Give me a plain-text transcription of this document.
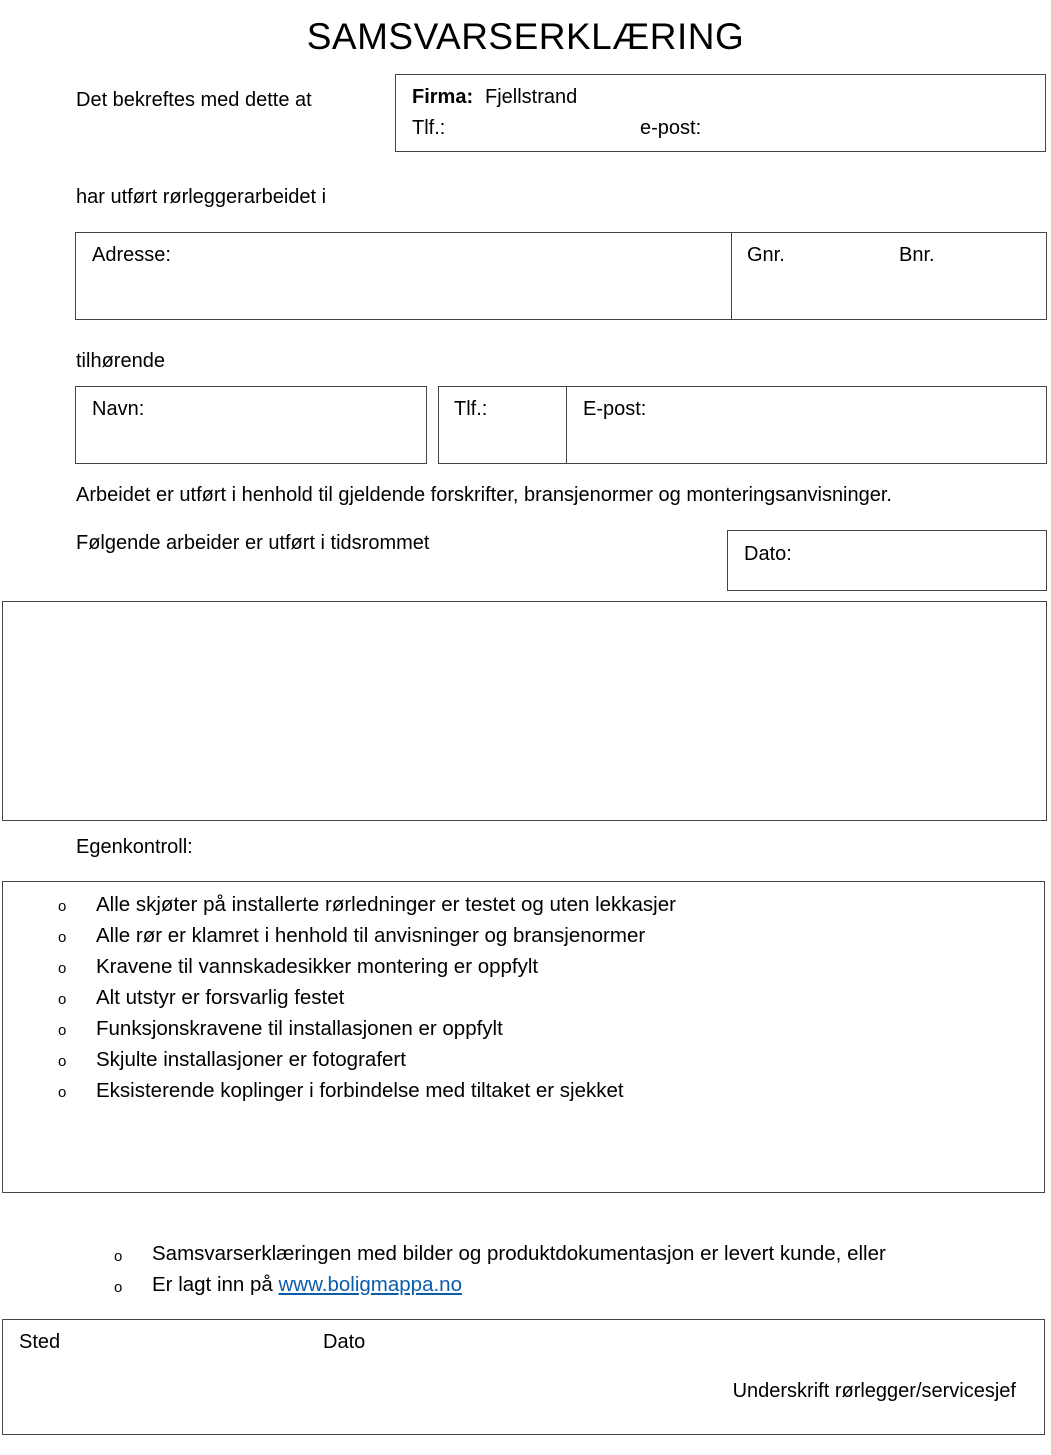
SAMSVARSERKLÆRING
Det bekreftes med dette at	Firma: Fjellstrand
Tlf.:	e-post:
har utført rørleggerarbeidet i
Adresse:	Gnr.	Bnr.
tilhørende
Navn:	Tlf.:	E-post:
Arbeidet er utført i henhold til gjeldende forskrifter, bransjenormer og monteringsanvisninger.
Følgende arbeider er utført i tidsrommet	Dato:
Egenkontroll:
o Alle skjøter på installerte rørledninger er testet og uten lekkasjer
o Alle rør er klamret i henhold til anvisninger og bransjenormer
o Kravene til vannskadesikker montering er oppfylt
o Alt utstyr er forsvarlig festet
o Funksjonskravene til installasjonen er oppfylt
o Skjulte installasjoner er fotografert
o Eksisterende koplinger i forbindelse med tiltaket er sjekket
o Samsvarserklæringen med bilder og produktdokumentasjon er levert kunde, eller
o Er lagt inn på www.boligmappa.no
Sted	Dato
Underskrift rørlegger/servicesjef
